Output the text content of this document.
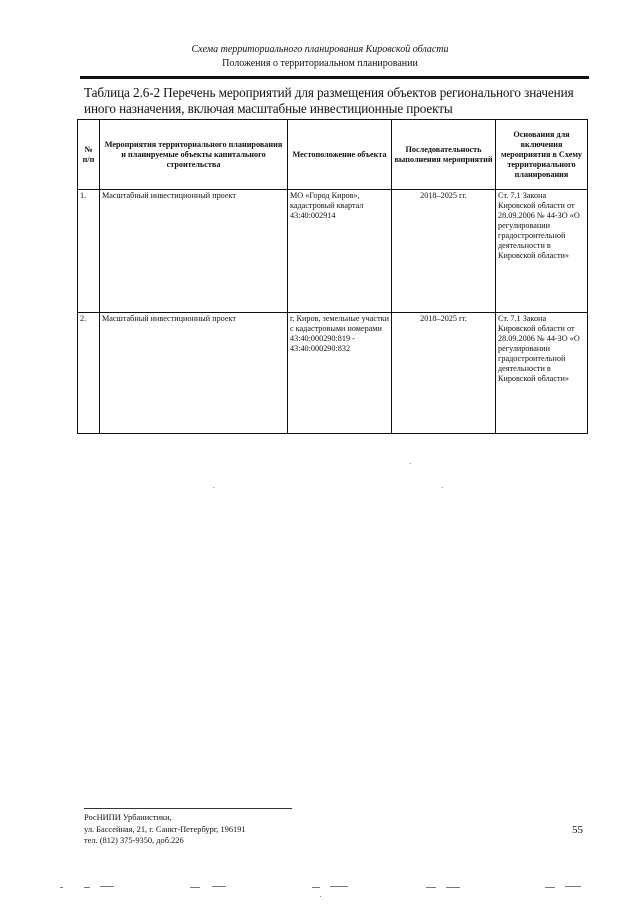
Схема территориального планирования Кировской области
Положения о территориальном планировании
Таблица 2.6-2 Перечень мероприятий для размещения объектов регионального значения иного назначения, включая масштабные инвестиционные проекты
№ п/п	Мероприятия территориального планирования и планируемые объекты капитального строительства	Местоположение объекта	Последовательность выполнения мероприятий	Основания для включения мероприятия в Схему территориального планирования
1.	Масштабный инвестиционный проект	МО «Город Киров», кадастровый квартал 43:40:002914	2018–2025 гг.	Ст. 7.1 Закона Кировской области от 28.09.2006 № 44-ЗО «О регулировании градостроительной деятельности в Кировской области»
2.	Масштабный инвестиционный проект	г. Киров, земельные участки с кадастровыми номерами 43:40:000290:819 - 43:40:000290:832	2018–2025 гг.	Ст. 7.1 Закона Кировской области от 28.09.2006 № 44-ЗО «О регулировании градостроительной деятельности в Кировской области»
РосНИПИ Урбанистики,
ул. Бассейная, 21, г. Санкт-Петербург, 196191
тел. (812) 375-9350, доб.226
55
